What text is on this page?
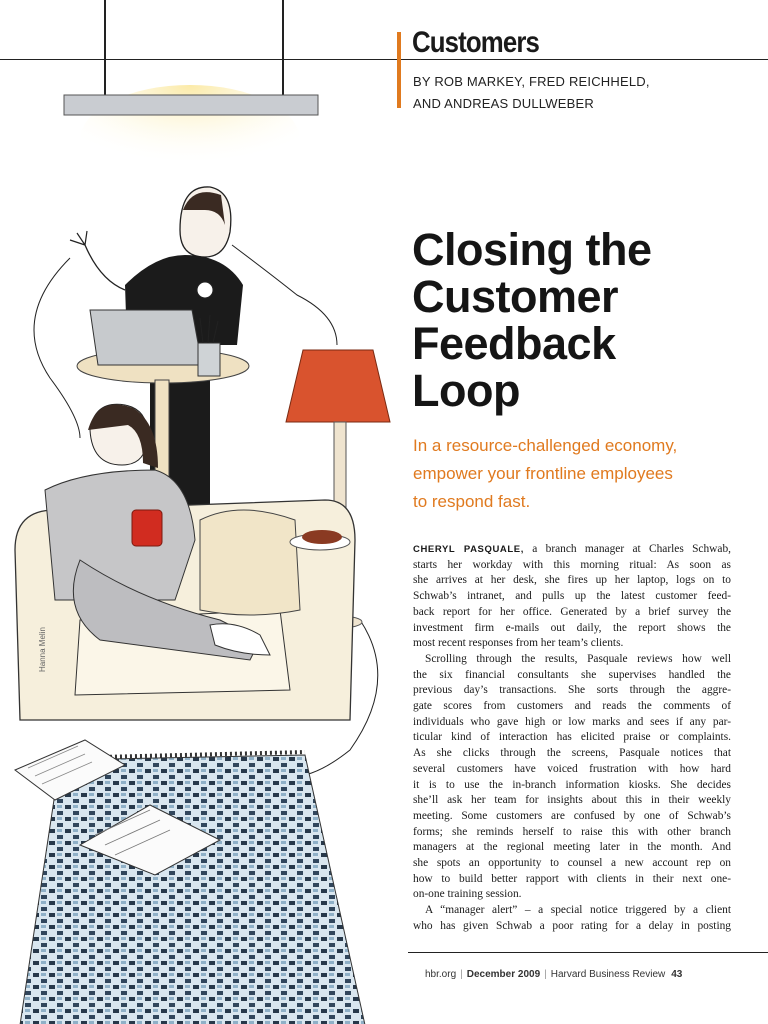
Hanna Melin
Customers
BY ROB MARKEY, FRED REICHHELD,
AND ANDREAS DULLWEBER
Closing the
Customer
Feedback
Loop
In a resource-challenged economy,
empower your frontline employees
to respond fast.
CHERYL PASQUALE, a branch manager at Charles Schwab,
starts her workday with this morning ritual: As soon as
she arrives at her desk, she fires up her laptop, logs on to
Schwab’s intranet, and pulls up the latest customer feed-
back report for her office. Generated by a brief survey the
investment firm e-mails out daily, the report shows the
most recent responses from her team’s clients.
Scrolling through the results, Pasquale reviews how well
the six financial consultants she supervises handled the
previous day’s transactions. She sorts through the aggre-
gate scores from customers and reads the comments of
individuals who gave high or low marks and sees if any par-
ticular kind of interaction has elicited praise or complaints.
As she clicks through the screens, Pasquale notices that
several customers have voiced frustration with how hard
it is to use the in-branch information kiosks. She decides
she’ll ask her team for insights about this in their weekly
meeting. Some customers are confused by one of Schwab’s
forms; she reminds herself to raise this with other branch
managers at the regional meeting later in the month. And
she spots an opportunity to counsel a new account rep on
how to build better rapport with clients in their next one-
on-one training session.
A “manager alert” – a special notice triggered by a client
who has given Schwab a poor rating for a delay in posting
hbr.org | December 2009 | Harvard Business Review 43
